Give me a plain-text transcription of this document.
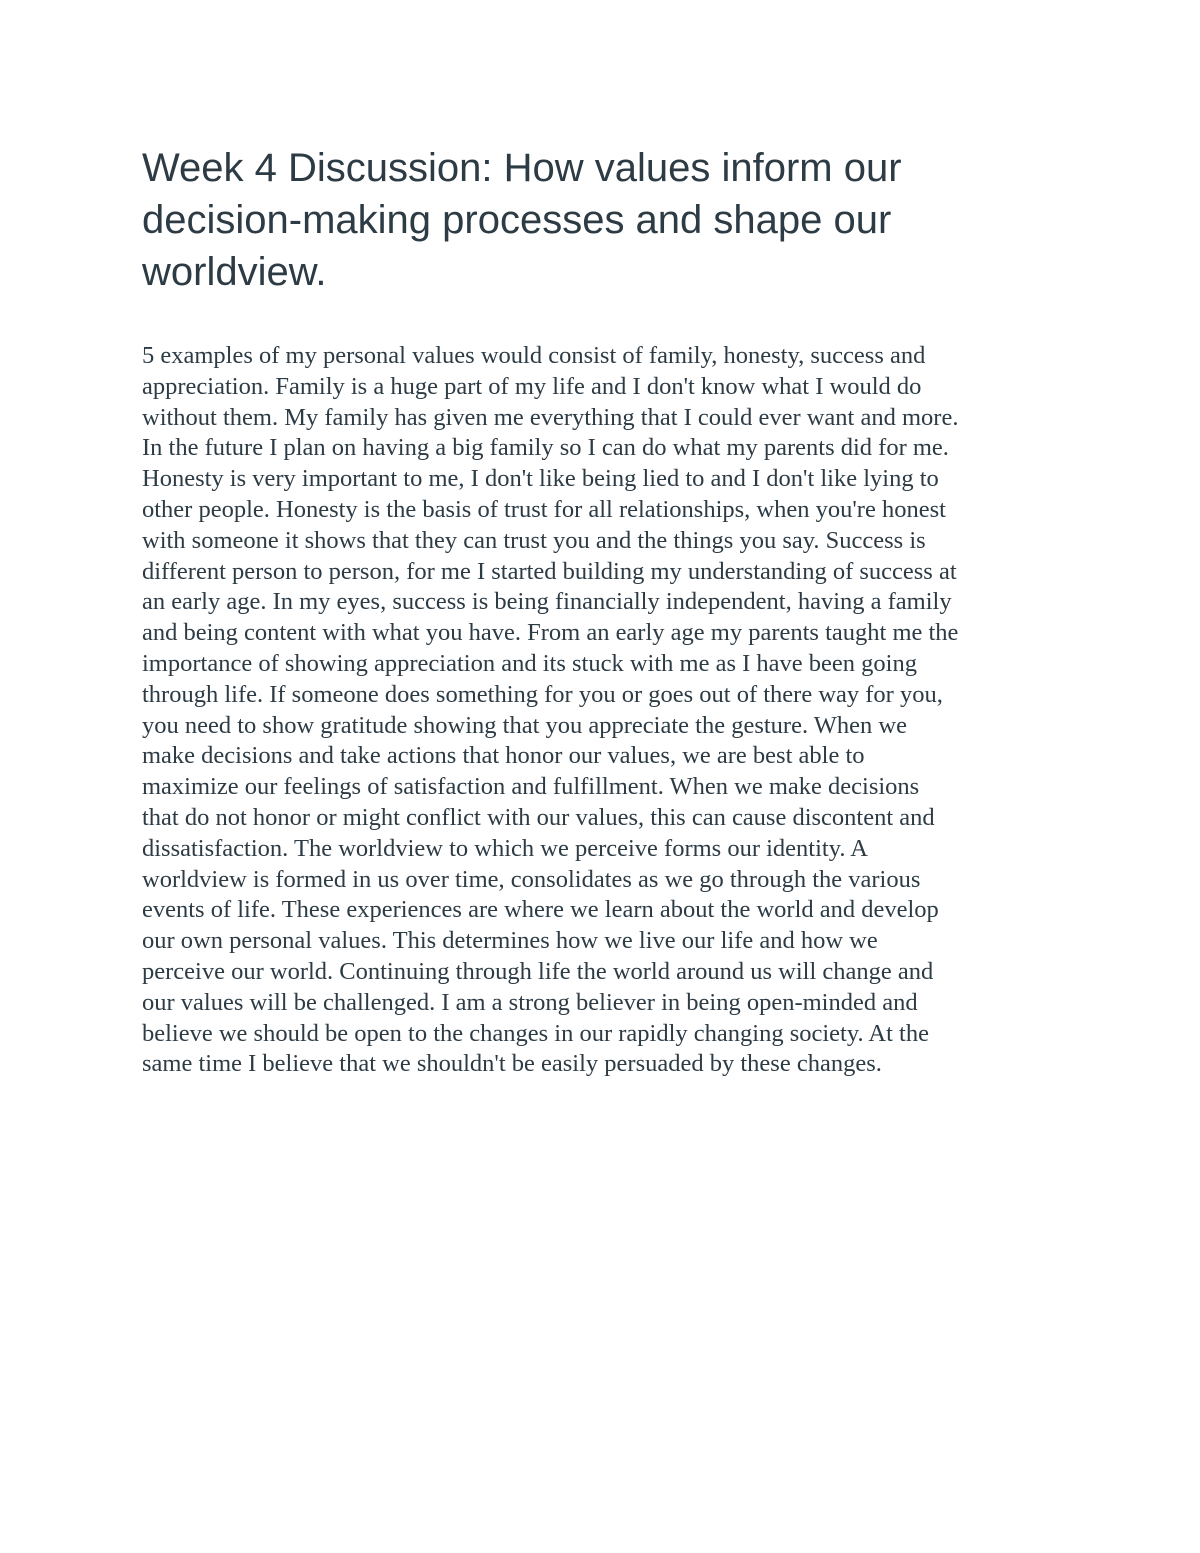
Week 4 Discussion: How values inform our
decision-making processes and shape our
worldview.
5 examples of my personal values would consist of family, honesty, success and
appreciation. Family is a huge part of my life and I don't know what I would do
without them. My family has given me everything that I could ever want and more.
In the future I plan on having a big family so I can do what my parents did for me.
Honesty is very important to me, I don't like being lied to and I don't like lying to
other people. Honesty is the basis of trust for all relationships, when you're honest
with someone it shows that they can trust you and the things you say. Success is
different person to person, for me I started building my understanding of success at
an early age. In my eyes, success is being financially independent, having a family
and being content with what you have. From an early age my parents taught me the
importance of showing appreciation and its stuck with me as I have been going
through life. If someone does something for you or goes out of there way for you,
you need to show gratitude showing that you appreciate the gesture. When we
make decisions and take actions that honor our values, we are best able to
maximize our feelings of satisfaction and fulfillment. When we make decisions
that do not honor or might conflict with our values, this can cause discontent and
dissatisfaction. The worldview to which we perceive forms our identity. A
worldview is formed in us over time, consolidates as we go through the various
events of life. These experiences are where we learn about the world and develop
our own personal values. This determines how we live our life and how we
perceive our world. Continuing through life the world around us will change and
our values will be challenged. I am a strong believer in being open-minded and
believe we should be open to the changes in our rapidly changing society. At the
same time I believe that we shouldn't be easily persuaded by these changes.
